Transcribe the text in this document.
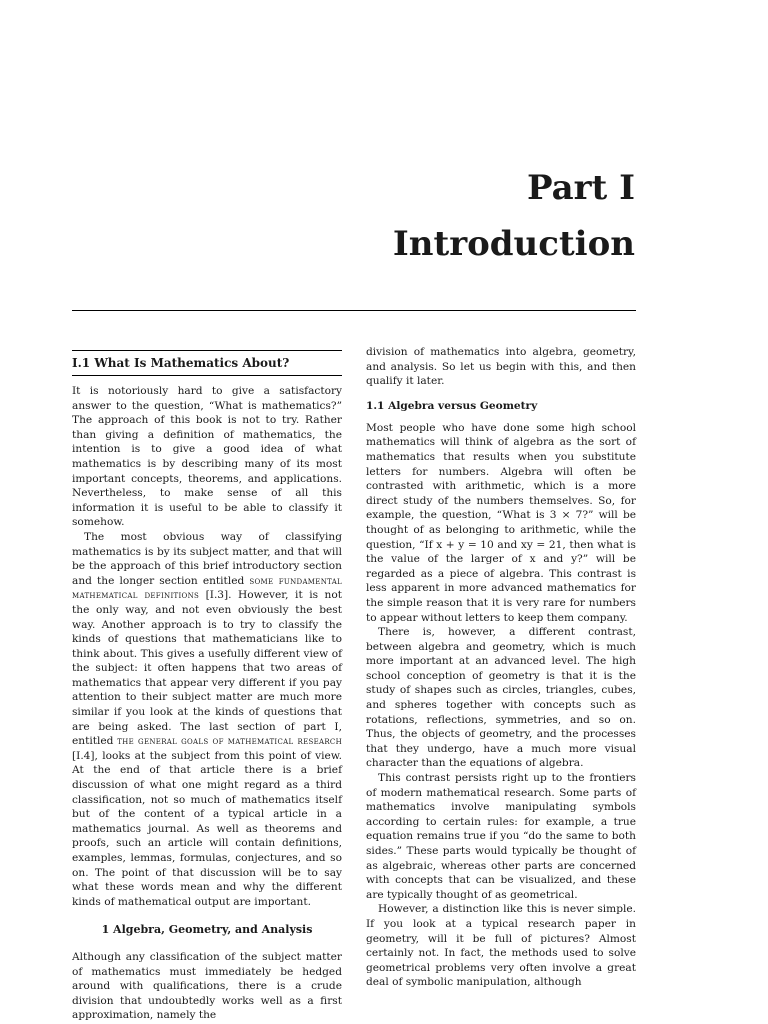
Part I
Introduction
I.1 What Is Mathematics About?

It is notoriously hard to give a satisfactory answer to the question, “What is mathematics?” The approach of this book is not to try. Rather than giving a definition of mathematics, the intention is to give a good idea of what mathematics is by describing many of its most important concepts, theorems, and applications. Nevertheless, to make sense of all this information it is useful to be able to classify it somehow.

The most obvious way of classifying mathematics is by its subject matter, and that will be the approach of this brief introductory section and the longer section entitled some fundamental mathematical definitions [I.3]. However, it is not the only way, and not even obviously the best way. Another approach is to try to classify the kinds of questions that mathematicians like to think about. This gives a usefully different view of the subject: it often happens that two areas of mathematics that appear very different if you pay attention to their subject matter are much more similar if you look at the kinds of questions that are being asked. The last section of part I, entitled the general goals of mathematical research [I.4], looks at the subject from this point of view. At the end of that article there is a brief discussion of what one might regard as a third classification, not so much of mathematics itself but of the content of a typical article in a mathematics journal. As well as theorems and proofs, such an article will contain definitions, examples, lemmas, formulas, conjectures, and so on. The point of that discussion will be to say what these words mean and why the different kinds of mathematical output are important.

1 Algebra, Geometry, and Analysis

Although any classification of the subject matter of mathematics must immediately be hedged around with qualifications, there is a crude division that undoubtedly works well as a first approximation, namely the

division of mathematics into algebra, geometry, and analysis. So let us begin with this, and then qualify it later.

1.1 Algebra versus Geometry

Most people who have done some high school mathematics will think of algebra as the sort of mathematics that results when you substitute letters for numbers. Algebra will often be contrasted with arithmetic, which is a more direct study of the numbers themselves. So, for example, the question, “What is 3 × 7?” will be thought of as belonging to arithmetic, while the question, “If x + y = 10 and xy = 21, then what is the value of the larger of x and y?” will be regarded as a piece of algebra. This contrast is less apparent in more advanced mathematics for the simple reason that it is very rare for numbers to appear without letters to keep them company.

There is, however, a different contrast, between algebra and geometry, which is much more important at an advanced level. The high school conception of geometry is that it is the study of shapes such as circles, triangles, cubes, and spheres together with concepts such as rotations, reflections, symmetries, and so on. Thus, the objects of geometry, and the processes that they undergo, have a much more visual character than the equations of algebra.

This contrast persists right up to the frontiers of modern mathematical research. Some parts of mathematics involve manipulating symbols according to certain rules: for example, a true equation remains true if you “do the same to both sides.” These parts would typically be thought of as algebraic, whereas other parts are concerned with concepts that can be visualized, and these are typically thought of as geometrical.

However, a distinction like this is never simple. If you look at a typical research paper in geometry, will it be full of pictures? Almost certainly not. In fact, the methods used to solve geometrical problems very often involve a great deal of symbolic manipulation, although
